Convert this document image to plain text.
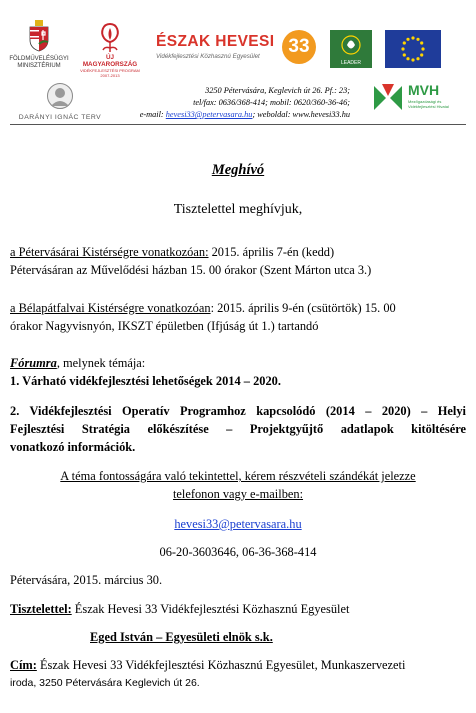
FÖLDMŰVELÉSÜGYI
MINISZTÉRIUM
ÚJ MAGYARORSZÁG
VIDÉKFEJLESZTÉSI PROGRAM
2007-2013
ÉSZAK HEVESI
Vidékfejlesztési Közhasznú Egyesület	33
LEADER
DARÁNYI IGNÁC TERV
3250 Pétervására, Keglevich út 26. Pf.: 23;
tel/fax: 0636/368-414; mobil: 0620/360-36-46;
e-mail: hevesi33@petervasara.hu; weboldal: www.hevesi33.hu
MVH
Mezőgazdasági és Vidékfejlesztési Hivatal
Meghívó
Tisztelettel meghívjuk,
a Pétervásárai Kistérségre vonatkozóan: 2015. április 7-én (kedd)
Pétervásáran az Művelődési házban 15. 00 órakor (Szent Márton utca 3.)
a Bélapátfalvai Kistérségre vonatkozóan: 2015. április 9-én (csütörtök) 15. 00
órakor Nagyvisnyón, IKSZT épületben (Ifjúság út 1.) tartandó
Fórumra, melynek témája:
1. Várható vidékfejlesztési lehetőségek 2014 – 2020.
2. Vidékfejlesztési Operatív Programhoz kapcsolódó (2014 – 2020) – Helyi
Fejlesztési Stratégia előkészítése – Projektgyűjtő adatlapok kitöltésére
vonatkozó információk.
A téma fontosságára való tekintettel, kérem részvételi szándékát jelezze
telefonon vagy e-mailben:
hevesi33@petervasara.hu
06-20-3603646, 06-36-368-414
Pétervására, 2015. március 30.
Tisztelettel: Észak Hevesi 33 Vidékfejlesztési Közhasznú Egyesület
Eged István – Egyesületi elnök s.k.
Cím: Észak Hevesi 33 Vidékfejlesztési Közhasznú Egyesület, Munkaszervezeti
iroda, 3250 Pétervására Keglevich út 26.
